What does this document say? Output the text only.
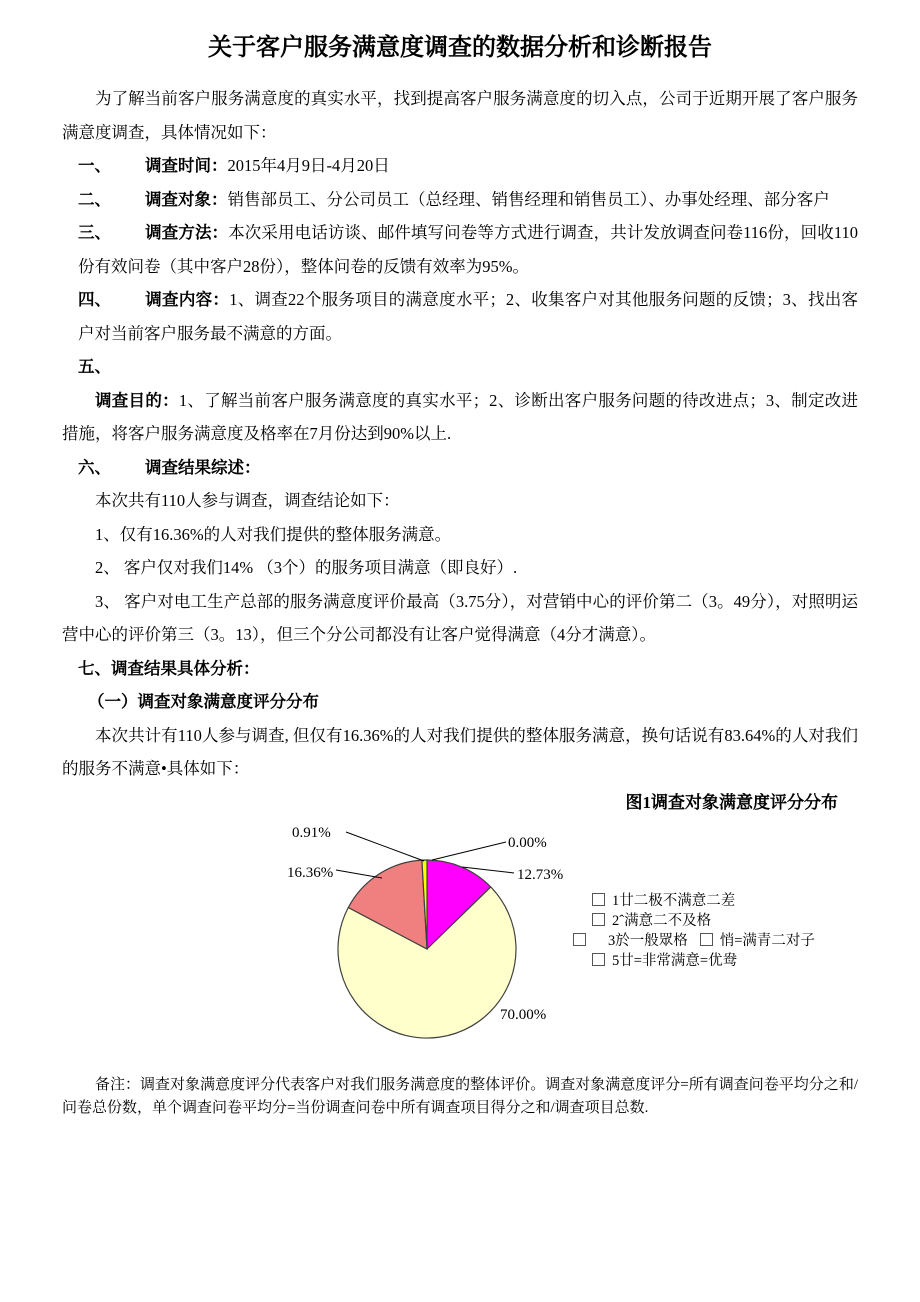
关于客户服务满意度调查的数据分析和诊断报告
为了解当前客户服务满意度的真实水平，找到提高客户服务满意度的切入点，公司于近期开展了客户服务满意度调查，具体情况如下：
一、 调查时间：2015年4月9日-4月20日
二、 调查对象：销售部员工、分公司员工（总经理、销售经理和销售员工）、办事处经理、部分客户
三、 调查方法：本次采用电话访谈、邮件填写问卷等方式进行调查，共计发放调查问卷116份，回收110份有效问卷（其中客户28份），整体问卷的反馈有效率为95%。
四、 调查内容：1、调查22个服务项目的满意度水平；2、收集客户对其他服务问题的反馈；3、找出客户对当前客户服务最不满意的方面。
五、
调查目的：1、了解当前客户服务满意度的真实水平；2、诊断出客户服务问题的待改进点；3、制定改进措施，将客户服务满意度及格率在7月份达到90%以上.
六、 调查结果综述：
本次共有110人参与调查，调查结论如下：
1、仅有16.36%的人对我们提供的整体服务满意。
2、 客户仅对我们14% （3个）的服务项目满意（即良好）.
3、 客户对电工生产总部的服务满意度评价最高（3.75分），对营销中心的评价第二（3。49分），对照明运营中心的评价第三（3。13），但三个分公司都没有让客户觉得满意（4分才满意）。
七、调查结果具体分析：
（一）调查对象满意度评分分布
本次共计有110人参与调查, 但仅有16.36%的人对我们提供的整体服务满意，换句话说有83.64%的人对我们的服务不满意•具体如下：
图1调查对象满意度评分分布
0.91%
0.00%
16.36%	12.73%
70.00%
1廿二极不满意二差
2ˆ满意二不及格
3於一般眾格 悄=满青二对子
5廿=非常满意=优鸯
备注：调查对象满意度评分代表客户对我们服务满意度的整体评价。调查对象满意度评分=所有调查问卷平均分之和/问卷总份数，单个调查问卷平均分=当份调查问卷中所有调查项目得分之和/调查项目总数.
